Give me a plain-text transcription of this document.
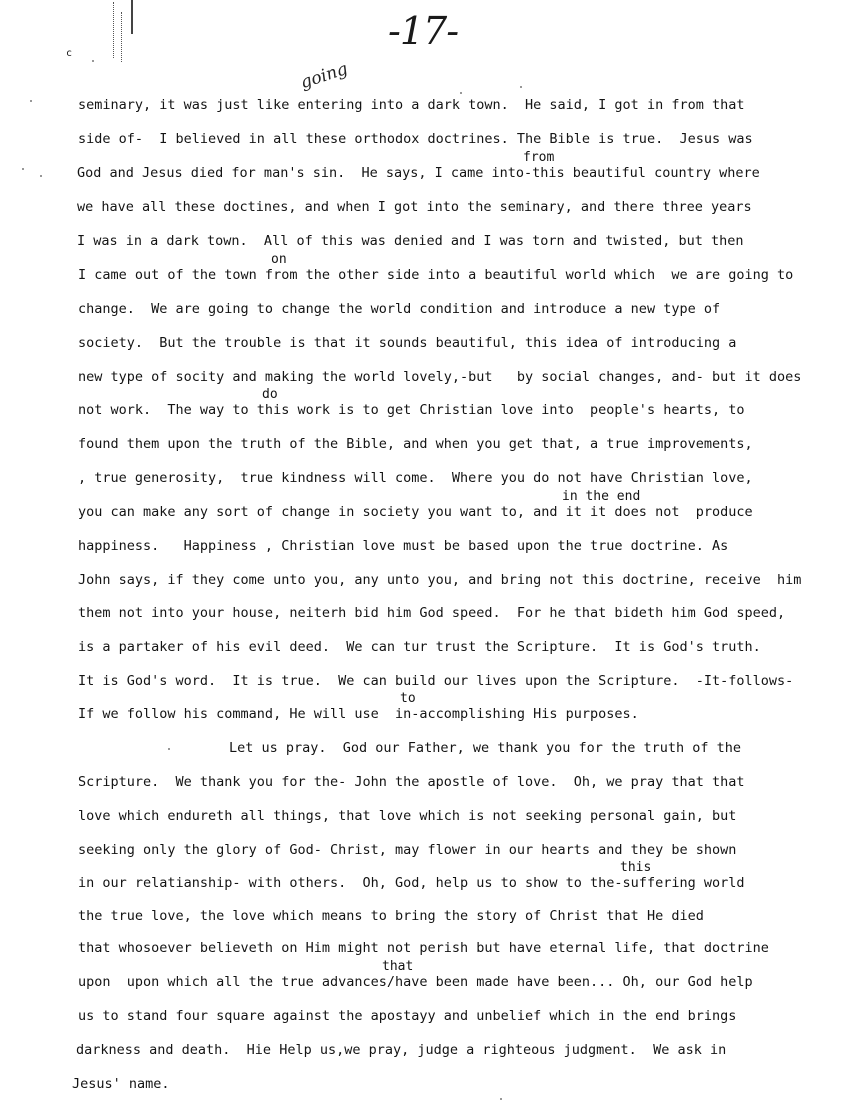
c
-17-
going
seminary, it was just like entering into a dark town.  He said, I got in from that
side of-  I believed in all these orthodox doctrines. The Bible is true.  Jesus was
God and Jesus died for man's sin.  He says, I came into-this beautiful country where
we have all these doctines, and when I got into the seminary, and there three years
I was in a dark town.  All of this was denied and I was torn and twisted, but then
I came out of the town from the other side into a beautiful world which  we are going to
change.  We are going to change the world condition and introduce a new type of
society.  But the trouble is that it sounds beautiful, this idea of introducing a
new type of socity and making the world lovely,-but   by social changes, and- but it does
not work.  The way to this work is to get Christian love into  people's hearts, to
found them upon the truth of the Bible, and when you get that, a true improvements,
, true generosity,  true kindness will come.  Where you do not have Christian love,
you can make any sort of change in society you want to, and it it does not  produce
happiness.   Happiness , Christian love must be based upon the true doctrine. As
John says, if they come unto you, any unto you, and bring not this doctrine, receive  him
them not into your house, neiterh bid him God speed.  For he that bideth him God speed,
is a partaker of his evil deed.  We can tur trust the Scripture.  It is God's truth.
It is God's word.  It is true.  We can build our lives upon the Scripture.  -It-follows-
If we follow his command, He will use  in-accomplishing His purposes.
Let us pray.  God our Father, we thank you for the truth of the
Scripture.  We thank you for the- John the apostle of love.  Oh, we pray that that
love which endureth all things, that love which is not seeking personal gain, but
seeking only the glory of God- Christ, may flower in our hearts and they be shown
in our relatianship- with others.  Oh, God, help us to show to the-suffering world
the true love, the love which means to bring the story of Christ that He died
that whosoever believeth on Him might not perish but have eternal life, that doctrine
upon  upon which all the true advances/have been made have been... Oh, our God help
us to stand four square against the apostayy and unbelief which in the end brings
darkness and death.  Hie Help us,we pray, judge a righteous judgment.  We ask in
Jesus' name.
from
on
do
in the end
to
this
that
